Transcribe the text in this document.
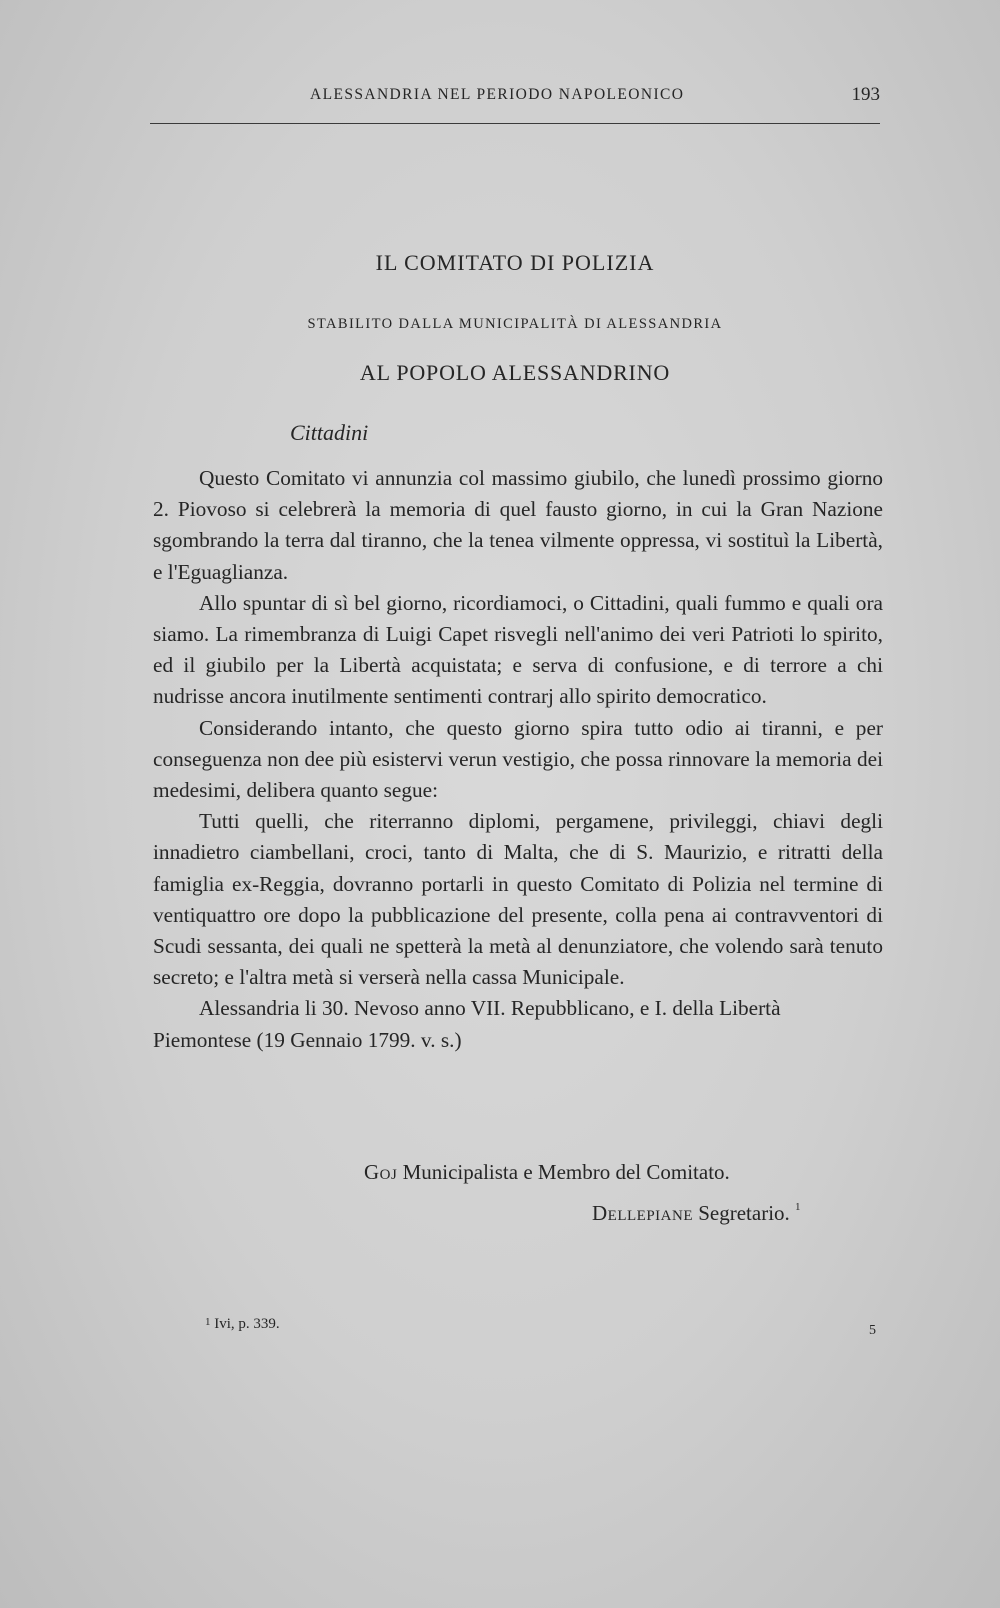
ALESSANDRIA NEL PERIODO NAPOLEONICO	193
IL COMITATO DI POLIZIA
STABILITO DALLA MUNICIPALITÀ DI ALESSANDRIA
AL POPOLO ALESSANDRINO
Cittadini

Questo Comitato vi annunzia col massimo giubilo, che lunedì prossimo giorno 2. Piovoso si celebrerà la memoria di quel fausto giorno, in cui la Gran Nazione sgombrando la terra dal tiranno, che la tenea vilmente oppressa, vi sostituì la Libertà, e l'Eguaglianza.

Allo spuntar di sì bel giorno, ricordiamoci, o Cittadini, quali fummo e quali ora siamo. La rimembranza di Luigi Capet risvegli nell'animo dei veri Patrioti lo spirito, ed il giubilo per la Libertà acquistata; e serva di confusione, e di terrore a chi nudrisse ancora inutilmente sentimenti contrarj allo spirito democratico.

Considerando intanto, che questo giorno spira tutto odio ai tiranni, e per conseguenza non dee più esistervi verun vestigio, che possa rinnovare la memoria dei medesimi, delibera quanto segue:

Tutti quelli, che riterranno diplomi, pergamene, privileggi, chiavi degli innadietro ciambellani, croci, tanto di Malta, che di S. Maurizio, e ritratti della famiglia ex-Reggia, dovranno portarli in questo Comitato di Polizia nel termine di ventiquattro ore dopo la pubblicazione del presente, colla pena ai contravventori di Scudi sessanta, dei quali ne spetterà la metà al denunziatore, che volendo sarà tenuto secreto; e l'altra metà si verserà nella cassa Municipale.

Alessandria li 30. Nevoso anno VII. Repubblicano, e I. della Libertà Piemontese (19 Gennaio 1799. v. s.)

Goj Municipalista e Membro del Comitato.
Dellepiane Segretario. $^1$
$^1$ Ivi, p. 339.	5
